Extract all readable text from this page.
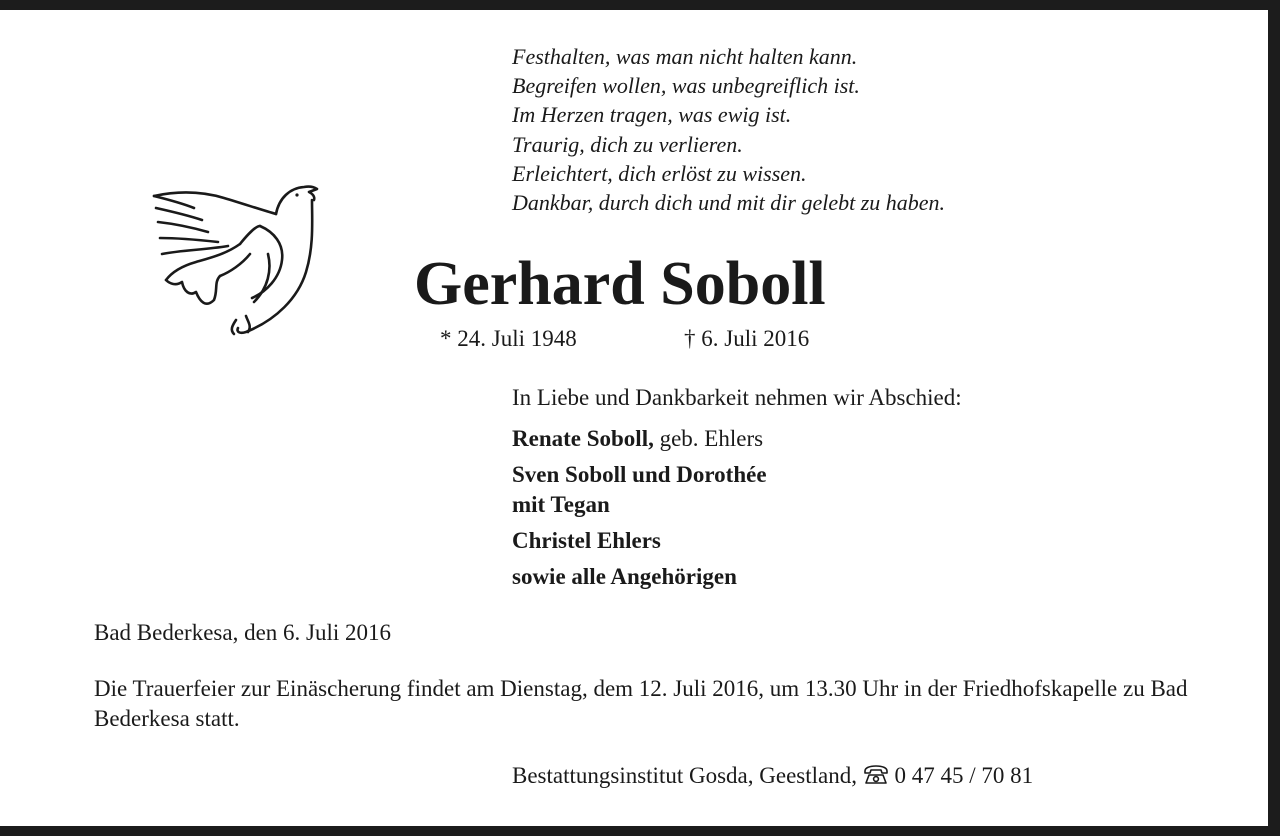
Festhalten, was man nicht halten kann.
Begreifen wollen, was unbegreiflich ist.
Im Herzen tragen, was ewig ist.
Traurig, dich zu verlieren.
Erleichtert, dich erlöst zu wissen.
Dankbar, durch dich und mit dir gelebt zu haben.
Gerhard Soboll
* 24. Juli 1948	† 6. Juli 2016
In Liebe und Dankbarkeit nehmen wir Abschied:
Renate Soboll, geb. Ehlers
Sven Soboll und Dorothée
mit Tegan
Christel Ehlers
sowie alle Angehörigen
Bad Bederkesa, den 6. Juli 2016
Die Trauerfeier zur Einäscherung findet am Dienstag, dem 12. Juli 2016, um 13.30 Uhr in der Friedhofskapelle zu Bad Bederkesa statt.
Bestattungsinstitut Gosda, Geestland, 0 47 45 / 70 81
